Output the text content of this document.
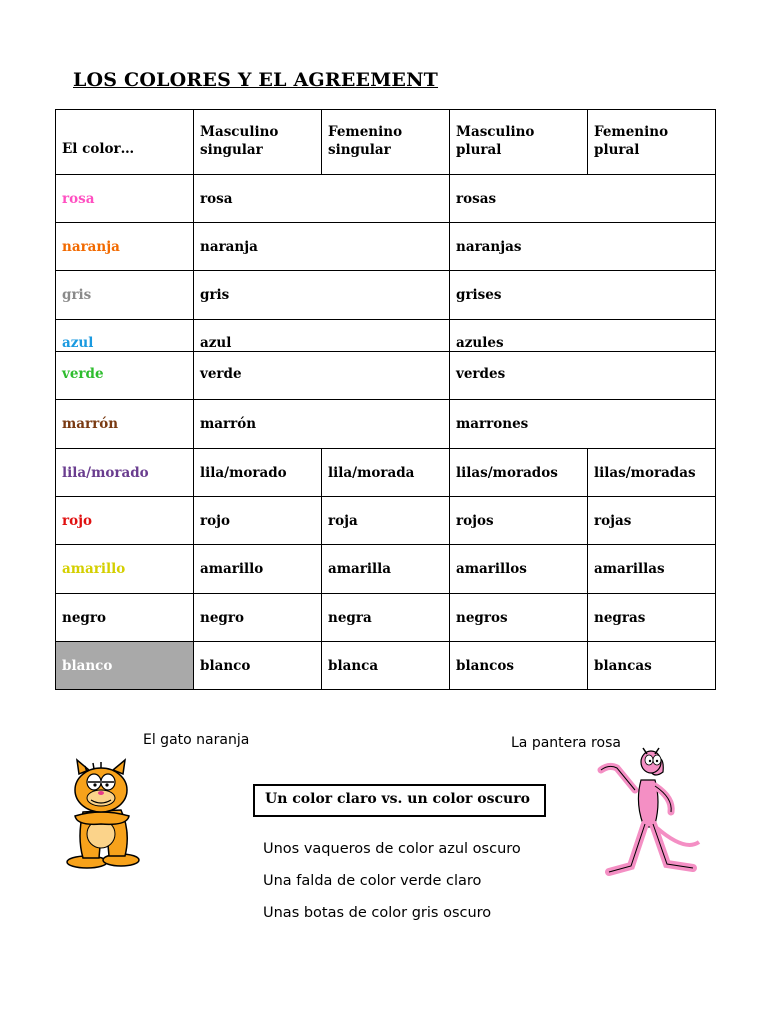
LOS COLORES Y EL AGREEMENT
El color…	Masculino singular	Femenino singular	Masculino plural	Femenino plural
rosa	rosa		rosas	
naranja	naranja		naranjas	
gris	gris		grises	
azul	azul		azules	
verde	verde		verdes	
marrón	marrón		marrones	
lila/morado	lila/morado	lila/morada	lilas/morados	lilas/moradas
rojo	rojo	roja	rojos	rojas
amarillo	amarillo	amarilla	amarillos	amarillas
negro	negro	negra	negros	negras
blanco	blanco	blanca	blancos	blancas
El gato naranja	La pantera rosa
Un color claro vs. un color oscuro
Unos vaqueros de color azul oscuro
Una falda de color verde claro
Unas botas de color gris oscuro
